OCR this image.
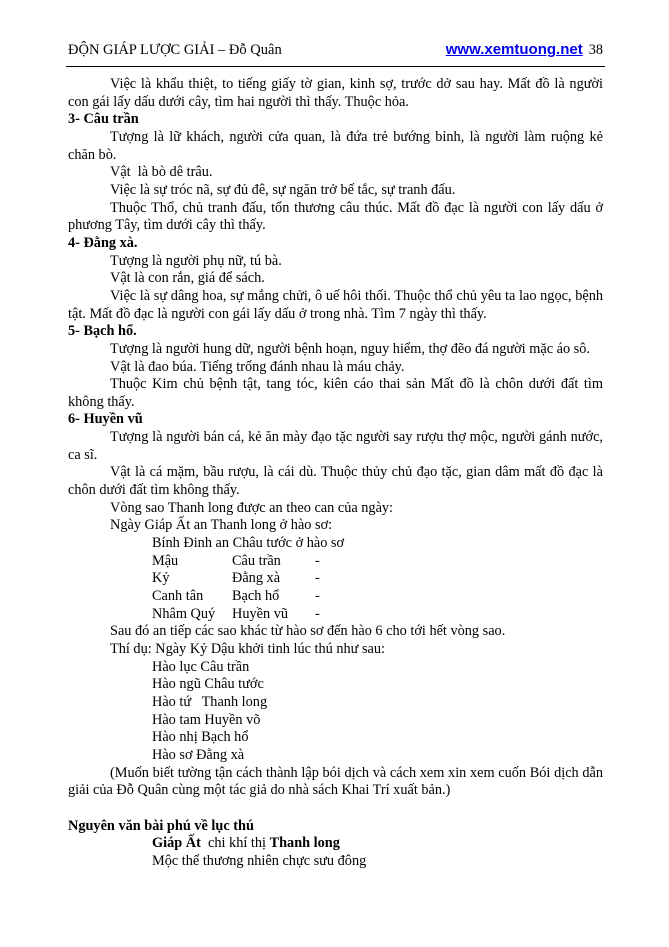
ĐỘN GIÁP LƯỢC GIẢI – Đỗ Quân	www.xemtuong.net 38

Việc là khẩu thiệt, to tiếng giấy tờ gian, kinh sợ, trước dở sau hay. Mất đồ là người con gái lấy dấu dưới cây, tìm hai người thì thấy. Thuộc hỏa.

3- Câu trần

Tượng là lữ khách, người cửa quan, là đứa trẻ bướng bỉnh, là người làm ruộng kẻ chăn bò.

Vật  là bò dê trâu.

Việc là sự tróc nã, sự đủ đê, sự ngăn trở bế tắc, sự tranh đấu.

Thuộc Thổ, chủ tranh đấu, tổn thương câu thúc. Mất đồ đạc là người con lấy dấu ở phương Tây, tìm dưới cây thì thấy.

4- Đằng xà.

Tượng là người phụ nữ, tú bà.

Vật là con rắn, giá để sách.

Việc là sự dâng hoa, sự mắng chửi, ô uế hôi thối. Thuộc thổ chủ yêu ta lao ngọc, bệnh tật. Mất đồ đạc là người con gái lấy dấu ở trong nhà. Tìm 7 ngày thì thấy.

5- Bạch hổ.

Tượng là người hung dữ, người bệnh hoạn, nguy hiểm, thợ đẽo đá người mặc áo sô.

Vật là đao búa. Tiếng trống đánh nhau là máu chảy.

Thuộc Kim chủ bệnh tật, tang tóc, kiên cáo thai sản Mất đồ là chôn dưới đất tìm không thấy.

6- Huyền vũ

Tượng là người bán cá, kẻ ăn mày đạo tặc người say rượu thợ mộc, người gánh nước, ca sĩ.

Vật là cá mặm, bầu rượu, là cái dù. Thuộc thủy chủ đạo tặc, gian dâm mất đồ đạc là chôn dưới đất tìm không thấy.

Vòng sao Thanh long được an theo can của ngày:

Ngày Giáp Ất an Thanh long ở hào sơ:

Bính Đinh an Châu tước ở hào sơ

Mậu	Câu trần	-
Kỷ	Đằng xà	-
Canh tân	Bạch hổ	-
Nhâm Quý	Huyền vũ	-

Sau đó an tiếp các sao khác từ hào sơ đến hào 6 cho tới hết vòng sao.

Thí dụ: Ngày Kỷ Dậu khởi tinh lúc thú như sau:

Hào lục Câu trần

Hào ngũ Châu tước

Hào tứ   Thanh long

Hào tam Huyền võ

Hào nhị Bạch hổ

Hào sơ Đằng xà

(Muốn biết tường tận cách thành lập bói dịch và cách xem xin xem cuốn Bói dịch dẫn giải của Đỗ Quân cùng một tác giả do nhà sách Khai Trí xuất bản.)

Nguyên văn bài phú về lục thú

Giáp Ất  chi khí thị Thanh long

Mộc thể thương nhiên chực sưu đông
